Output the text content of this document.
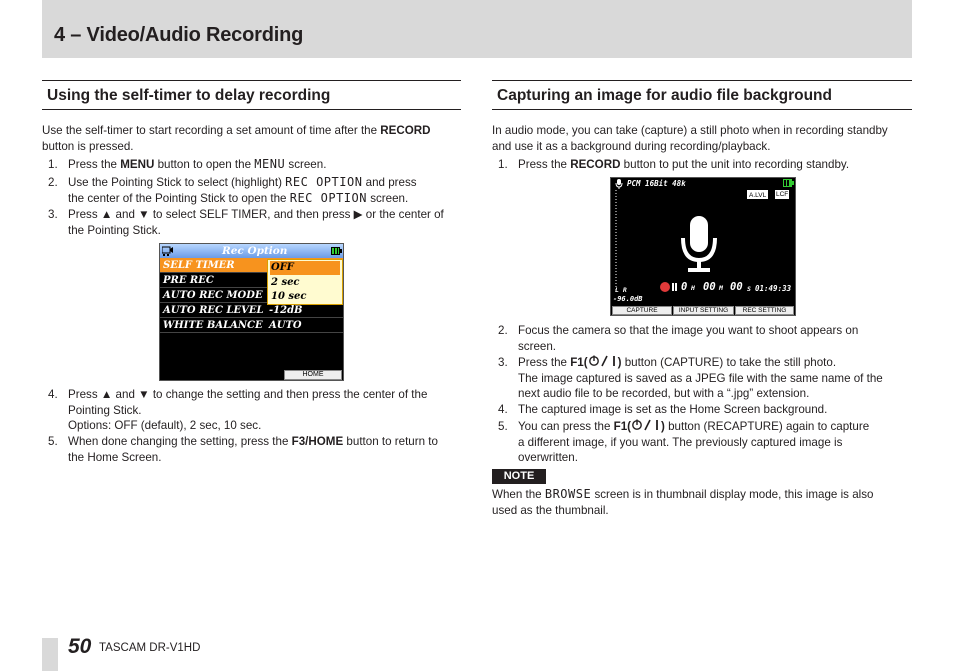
4 – Video/Audio Recording
Using the self-timer to delay recording
Use the self-timer to start recording a set amount of time after the RECORD
button is pressed.
1. Press the MENU button to open the MENU screen.
2. Use the Pointing Stick to select (highlight) REC OPTION and press
the center of the Pointing Stick to open the REC OPTION screen.
3. Press ▲ and ▼ to select SELF TIMER, and then press ▶ or the center of
the Pointing Stick.
Rec Option
SELF TIMER
PRE REC
AUTO REC MODE
AUTO REC LEVEL -12dB
WHITE BALANCE AUTO
OFF
2 sec
10 sec
HOME
4. Press ▲ and ▼ to change the setting and then press the center of the
Pointing Stick.
Options: OFF (default), 2 sec, 10 sec.
5. When done changing the setting, press the F3/HOME button to return to
the Home Screen.
Capturing an image for audio file background
In audio mode, you can take (capture) a still photo when in recording standby
and use it as a background during recording/playback.
1. Press the RECORD button to put the unit into recording standby.
PCM 16Bit 48k
A.LVL	LCF
L R
-96.0dB
0 H 00 M 00 S 01:49:33
CAPTURE	INPUT SETTING	REC SETTING
2. Focus the camera so that the image you want to shoot appears on
screen.
3. Press the F1(	) button (CAPTURE) to take the still photo.
The image captured is saved as a JPEG file with the same name of the
next audio file to be recorded, but with a “.jpg” extension.
4. The captured image is set as the Home Screen background.
5. You can press the F1(	) button (RECAPTURE) again to capture
a different image, if you want. The previously captured image is
overwritten.
NOTE
When the BROWSE screen is in thumbnail display mode, this image is also
used as the thumbnail.
50 TASCAM DR-V1HD
